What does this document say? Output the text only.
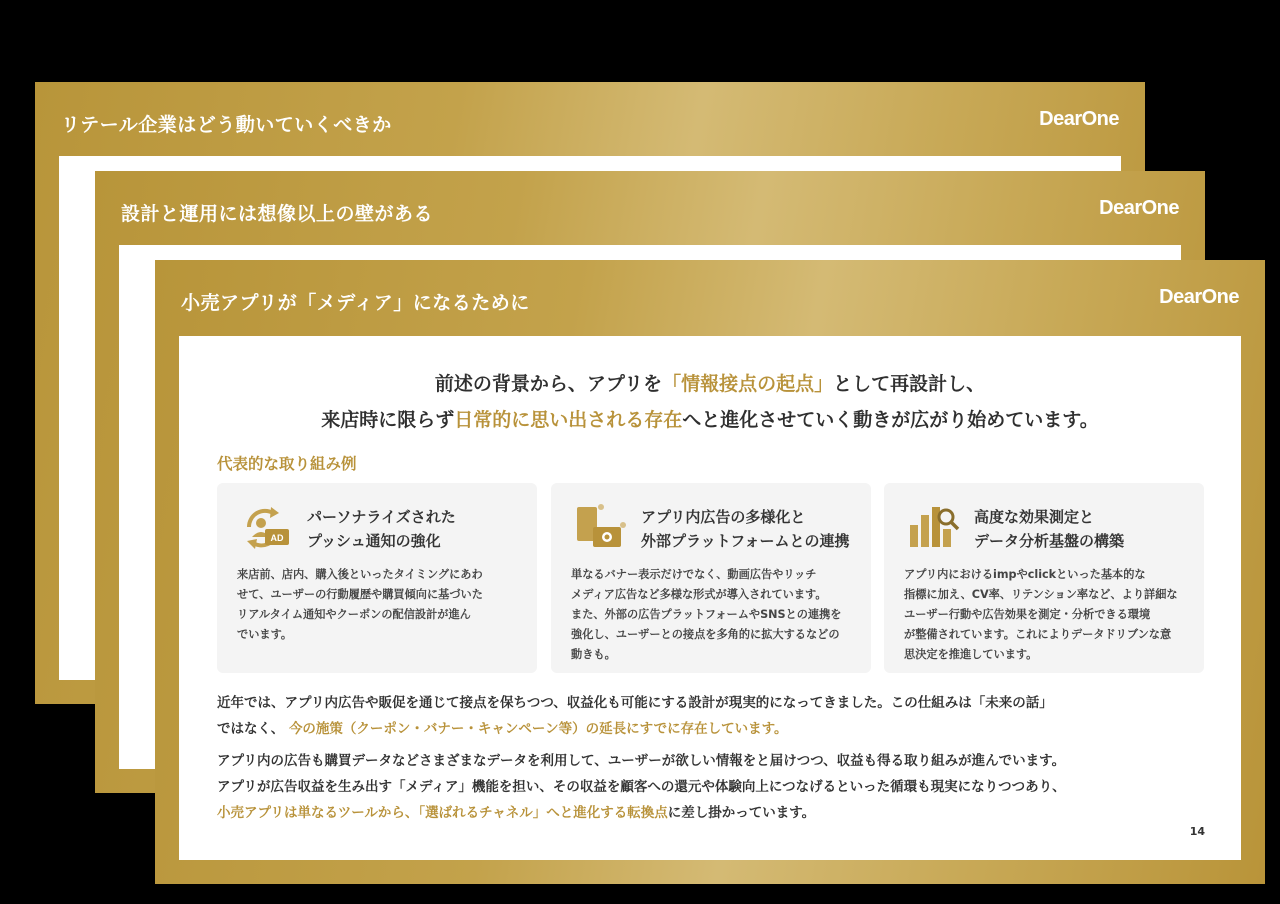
リテール企業はどう動いていくべきか	DearOne
設計と運用には想像以上の壁がある	DearOne
小売アプリが「メディア」になるために	DearOne
前述の背景から、アプリを「情報接点の起点」として再設計し、
来店時に限らず日常的に思い出される存在へと進化させていく動きが広がり始めています。
代表的な取り組み例
AD
パーソナライズされた
プッシュ通知の強化
来店前、店内、購入後といったタイミングにあわ
せて、ユーザーの行動履歴や購買傾向に基づいた
リアルタイム通知やクーポンの配信設計が進ん
でいます。
アプリ内広告の多様化と
外部プラットフォームとの連携
単なるバナー表示だけでなく、動画広告やリッチ
メディア広告など多様な形式が導入されています。
また、外部の広告プラットフォームやSNSとの連携を
強化し、ユーザーとの接点を多角的に拡大するなどの
動きも。
高度な効果測定と
データ分析基盤の構築
アプリ内におけるimpやclickといった基本的な
指標に加え、CV率、リテンション率など、より詳細な
ユーザー行動や広告効果を測定・分析できる環境
が整備されています。これによりデータドリブンな意
思決定を推進しています。
近年では、アプリ内広告や販促を通じて接点を保ちつつ、収益化も可能にする設計が現実的になってきました。この仕組みは「未来の話」
ではなく、 今の施策（クーポン・バナー・キャンペーン等）の延長にすでに存在しています。
アプリ内の広告も購買データなどさまざまなデータを利用して、ユーザーが欲しい情報をと届けつつ、収益も得る取り組みが進んでいます。
アプリが広告収益を生み出す「メディア」機能を担い、その収益を顧客への還元や体験向上につなげるといった循環も現実になりつつあり、
小売アプリは単なるツールから、「選ばれるチャネル」へと進化する転換点に差し掛かっています。
14
